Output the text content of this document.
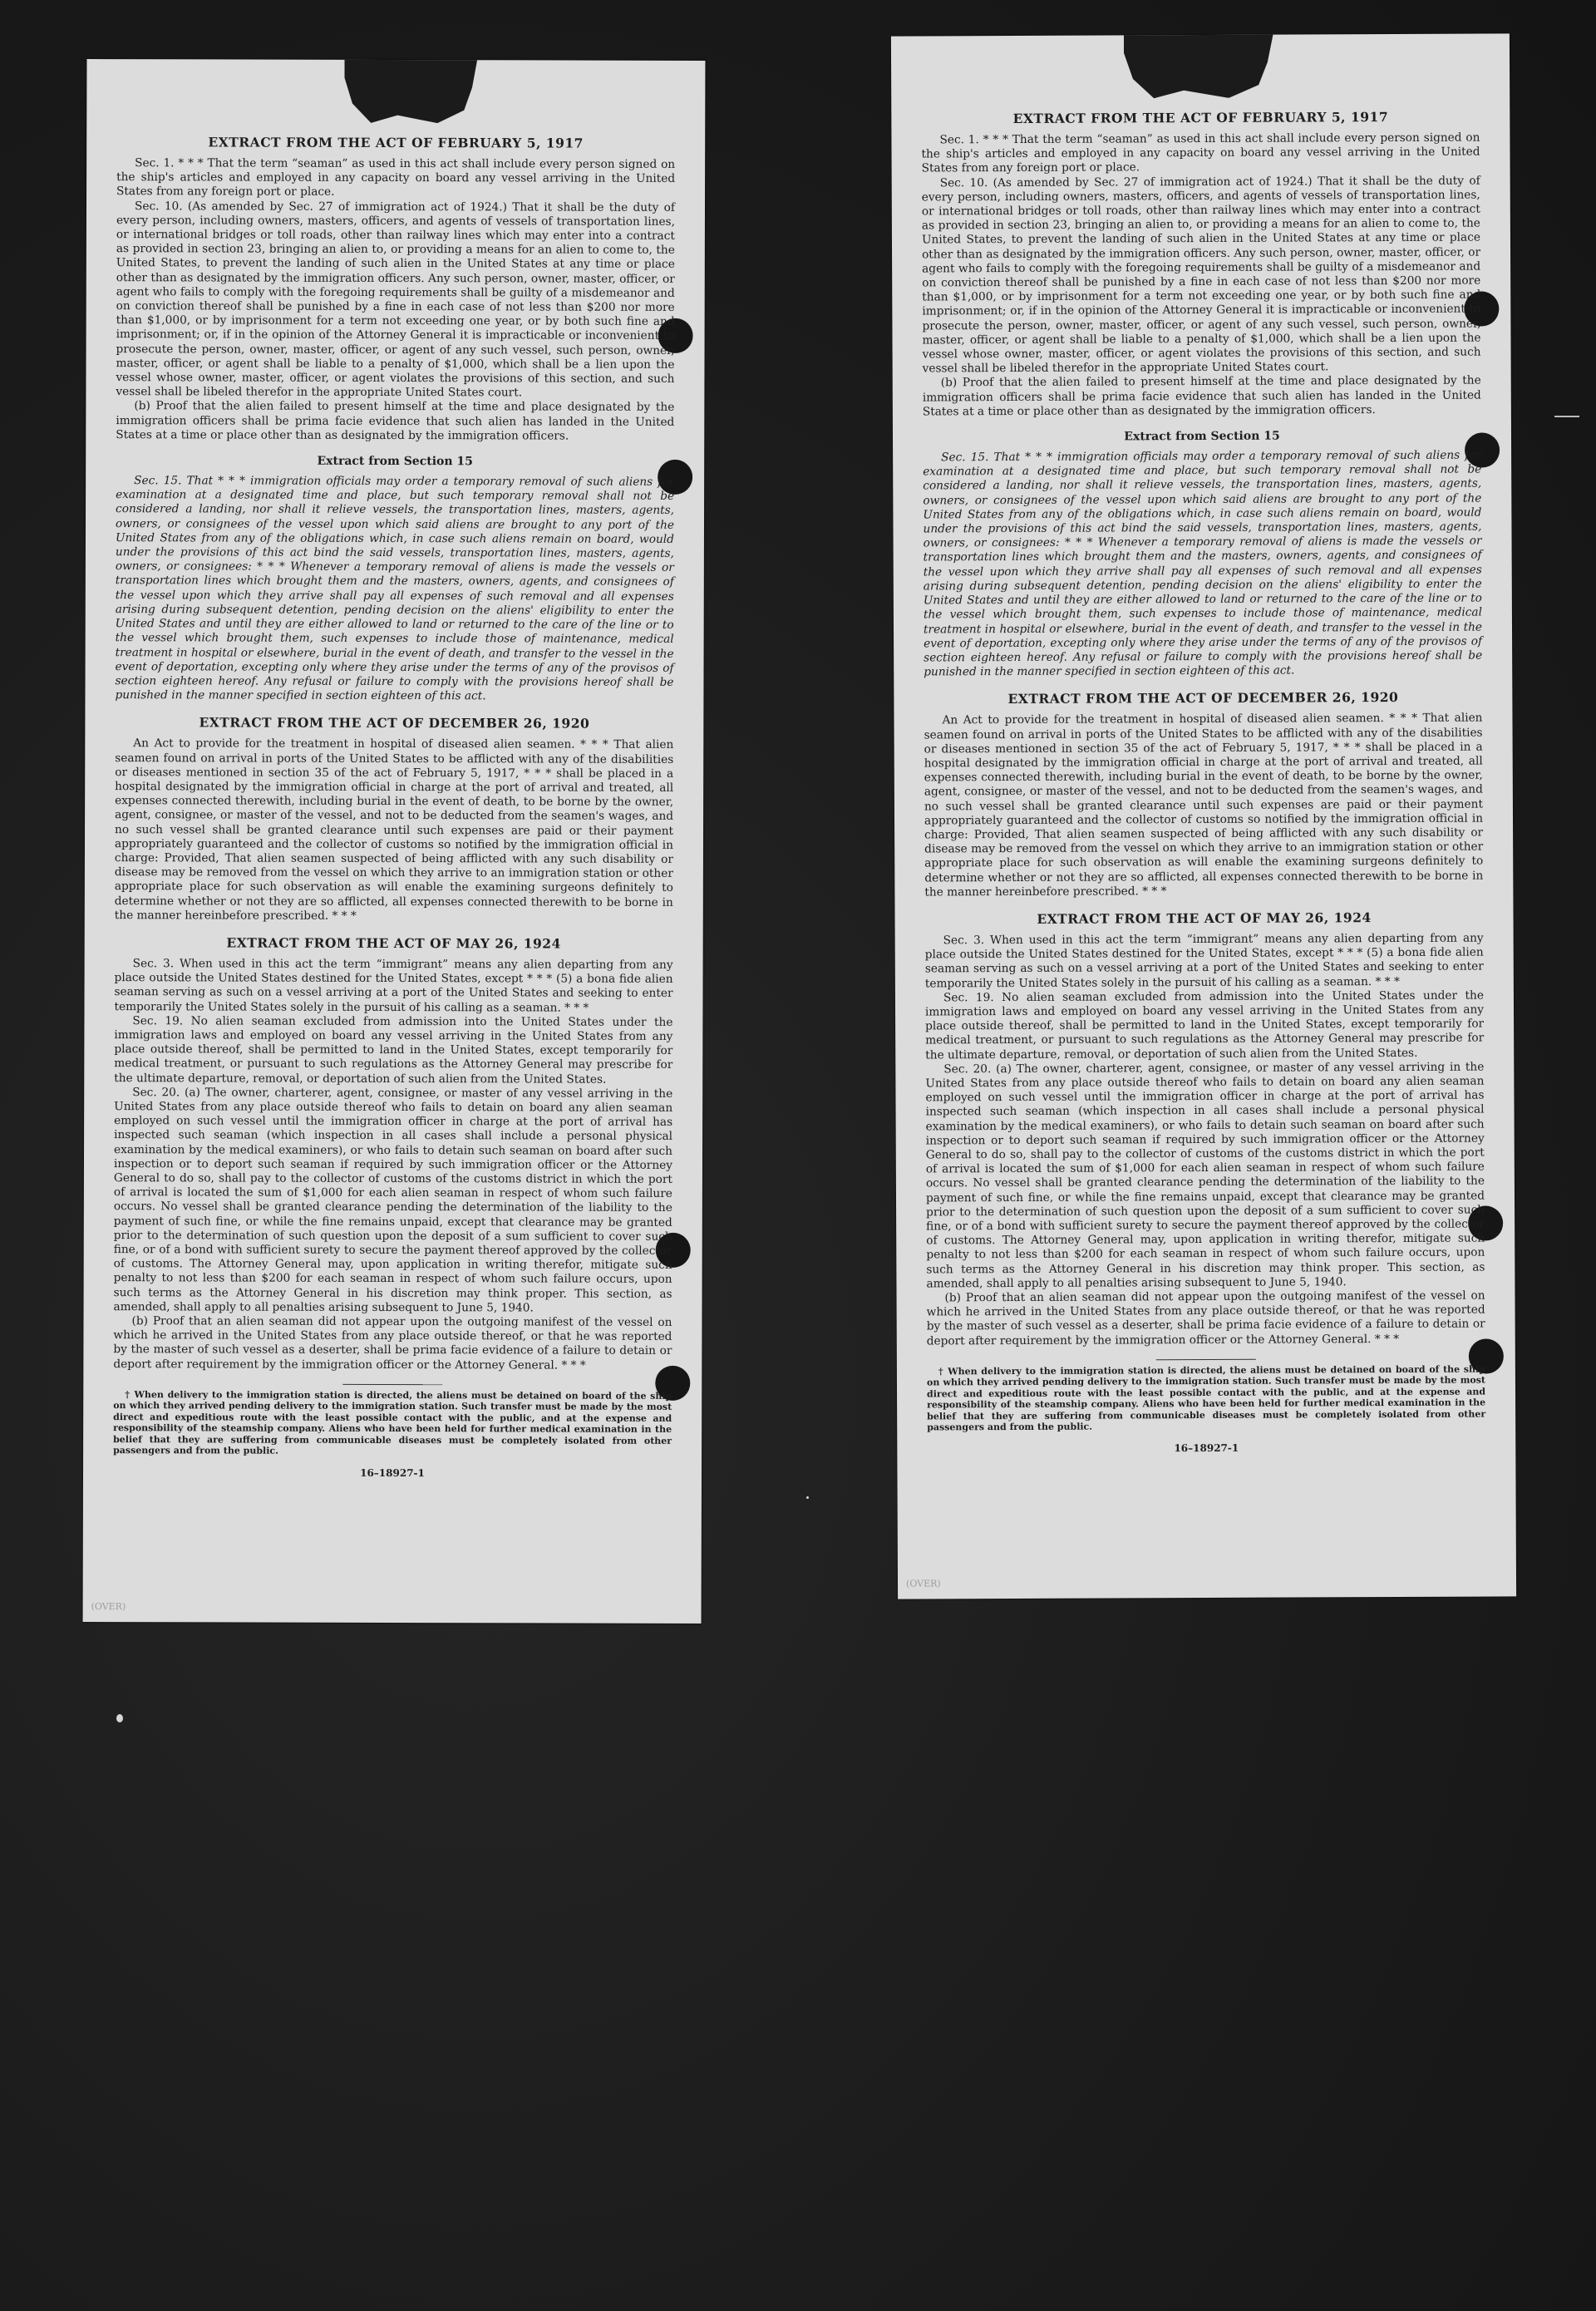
EXTRACT FROM THE ACT OF FEBRUARY 5, 1917

Sec. 1. * * * That the term “seaman” as used in this act shall include every person signed on the ship's articles and employed in any capacity on board any vessel arriving in the United States from any foreign port or place.

Sec. 10. (As amended by Sec. 27 of immigration act of 1924.) That it shall be the duty of every person, including owners, masters, officers, and agents of vessels of transportation lines, or international bridges or toll roads, other than railway lines which may enter into a contract as provided in section 23, bringing an alien to, or providing a means for an alien to come to, the United States, to prevent the landing of such alien in the United States at any time or place other than as designated by the immigration officers. Any such person, owner, master, officer, or agent who fails to comply with the foregoing requirements shall be guilty of a misdemeanor and on conviction thereof shall be punished by a fine in each case of not less than $200 nor more than $1,000, or by imprisonment for a term not exceeding one year, or by both such fine and imprisonment; or, if in the opinion of the Attorney General it is impracticable or inconvenient to prosecute the person, owner, master, officer, or agent of any such vessel, such person, owner, master, officer, or agent shall be liable to a penalty of $1,000, which shall be a lien upon the vessel whose owner, master, officer, or agent violates the provisions of this section, and such vessel shall be libeled therefor in the appropriate United States court.

(b) Proof that the alien failed to present himself at the time and place designated by the immigration officers shall be prima facie evidence that such alien has landed in the United States at a time or place other than as designated by the immigration officers.

Extract from Section 15

Sec. 15. That * * * immigration officials may order a temporary removal of such aliens for examination at a designated time and place, but such temporary removal shall not be considered a landing, nor shall it relieve vessels, the transportation lines, masters, agents, owners, or consignees of the vessel upon which said aliens are brought to any port of the United States from any of the obligations which, in case such aliens remain on board, would under the provisions of this act bind the said vessels, transportation lines, masters, agents, owners, or consignees: * * * Whenever a temporary removal of aliens is made the vessels or transportation lines which brought them and the masters, owners, agents, and consignees of the vessel upon which they arrive shall pay all expenses of such removal and all expenses arising during subsequent detention, pending decision on the aliens' eligibility to enter the United States and until they are either allowed to land or returned to the care of the line or to the vessel which brought them, such expenses to include those of maintenance, medical treatment in hospital or elsewhere, burial in the event of death, and transfer to the vessel in the event of deportation, excepting only where they arise under the terms of any of the provisos of section eighteen hereof. Any refusal or failure to comply with the provisions hereof shall be punished in the manner specified in section eighteen of this act.

EXTRACT FROM THE ACT OF DECEMBER 26, 1920

An Act to provide for the treatment in hospital of diseased alien seamen. * * * That alien seamen found on arrival in ports of the United States to be afflicted with any of the disabilities or diseases mentioned in section 35 of the act of February 5, 1917, * * * shall be placed in a hospital designated by the immigration official in charge at the port of arrival and treated, all expenses connected therewith, including burial in the event of death, to be borne by the owner, agent, consignee, or master of the vessel, and not to be deducted from the seamen's wages, and no such vessel shall be granted clearance until such expenses are paid or their payment appropriately guaranteed and the collector of customs so notified by the immigration official in charge: Provided, That alien seamen suspected of being afflicted with any such disability or disease may be removed from the vessel on which they arrive to an immigration station or other appropriate place for such observation as will enable the examining surgeons definitely to determine whether or not they are so afflicted, all expenses connected therewith to be borne in the manner hereinbefore prescribed. * * *

EXTRACT FROM THE ACT OF MAY 26, 1924

Sec. 3. When used in this act the term “immigrant” means any alien departing from any place outside the United States destined for the United States, except * * * (5) a bona fide alien seaman serving as such on a vessel arriving at a port of the United States and seeking to enter temporarily the United States solely in the pursuit of his calling as a seaman. * * *

Sec. 19. No alien seaman excluded from admission into the United States under the immigration laws and employed on board any vessel arriving in the United States from any place outside thereof, shall be permitted to land in the United States, except temporarily for medical treatment, or pursuant to such regulations as the Attorney General may prescribe for the ultimate departure, removal, or deportation of such alien from the United States.

Sec. 20. (a) The owner, charterer, agent, consignee, or master of any vessel arriving in the United States from any place outside thereof who fails to detain on board any alien seaman employed on such vessel until the immigration officer in charge at the port of arrival has inspected such seaman (which inspection in all cases shall include a personal physical examination by the medical examiners), or who fails to detain such seaman on board after such inspection or to deport such seaman if required by such immigration officer or the Attorney General to do so, shall pay to the collector of customs of the customs district in which the port of arrival is located the sum of $1,000 for each alien seaman in respect of whom such failure occurs. No vessel shall be granted clearance pending the determination of the liability to the payment of such fine, or while the fine remains unpaid, except that clearance may be granted prior to the determination of such question upon the deposit of a sum sufficient to cover such fine, or of a bond with sufficient surety to secure the payment thereof approved by the collector of customs. The Attorney General may, upon application in writing therefor, mitigate such penalty to not less than $200 for each seaman in respect of whom such failure occurs, upon such terms as the Attorney General in his discretion may think proper. This section, as amended, shall apply to all penalties arising subsequent to June 5, 1940.

(b) Proof that an alien seaman did not appear upon the outgoing manifest of the vessel on which he arrived in the United States from any place outside thereof, or that he was reported by the master of such vessel as a deserter, shall be prima facie evidence of a failure to detain or deport after requirement by the immigration officer or the Attorney General. * * *

† When delivery to the immigration station is directed, the aliens must be detained on board of the ship on which they arrived pending delivery to the immigration station. Such transfer must be made by the most direct and expeditious route with the least possible contact with the public, and at the expense and responsibility of the steamship company. Aliens who have been held for further medical examination in the belief that they are suffering from communicable diseases must be completely isolated from other passengers and from the public.

16–18927-1
(OVER)
EXTRACT FROM THE ACT OF FEBRUARY 5, 1917

Sec. 1. * * * That the term “seaman” as used in this act shall include every person signed on the ship's articles and employed in any capacity on board any vessel arriving in the United States from any foreign port or place.

Sec. 10. (As amended by Sec. 27 of immigration act of 1924.) That it shall be the duty of every person, including owners, masters, officers, and agents of vessels of transportation lines, or international bridges or toll roads, other than railway lines which may enter into a contract as provided in section 23, bringing an alien to, or providing a means for an alien to come to, the United States, to prevent the landing of such alien in the United States at any time or place other than as designated by the immigration officers. Any such person, owner, master, officer, or agent who fails to comply with the foregoing requirements shall be guilty of a misdemeanor and on conviction thereof shall be punished by a fine in each case of not less than $200 nor more than $1,000, or by imprisonment for a term not exceeding one year, or by both such fine and imprisonment; or, if in the opinion of the Attorney General it is impracticable or inconvenient to prosecute the person, owner, master, officer, or agent of any such vessel, such person, owner, master, officer, or agent shall be liable to a penalty of $1,000, which shall be a lien upon the vessel whose owner, master, officer, or agent violates the provisions of this section, and such vessel shall be libeled therefor in the appropriate United States court.

(b) Proof that the alien failed to present himself at the time and place designated by the immigration officers shall be prima facie evidence that such alien has landed in the United States at a time or place other than as designated by the immigration officers.

Extract from Section 15

Sec. 15. That * * * immigration officials may order a temporary removal of such aliens for examination at a designated time and place, but such temporary removal shall not be considered a landing, nor shall it relieve vessels, the transportation lines, masters, agents, owners, or consignees of the vessel upon which said aliens are brought to any port of the United States from any of the obligations which, in case such aliens remain on board, would under the provisions of this act bind the said vessels, transportation lines, masters, agents, owners, or consignees: * * * Whenever a temporary removal of aliens is made the vessels or transportation lines which brought them and the masters, owners, agents, and consignees of the vessel upon which they arrive shall pay all expenses of such removal and all expenses arising during subsequent detention, pending decision on the aliens' eligibility to enter the United States and until they are either allowed to land or returned to the care of the line or to the vessel which brought them, such expenses to include those of maintenance, medical treatment in hospital or elsewhere, burial in the event of death, and transfer to the vessel in the event of deportation, excepting only where they arise under the terms of any of the provisos of section eighteen hereof. Any refusal or failure to comply with the provisions hereof shall be punished in the manner specified in section eighteen of this act.

EXTRACT FROM THE ACT OF DECEMBER 26, 1920

An Act to provide for the treatment in hospital of diseased alien seamen. * * * That alien seamen found on arrival in ports of the United States to be afflicted with any of the disabilities or diseases mentioned in section 35 of the act of February 5, 1917, * * * shall be placed in a hospital designated by the immigration official in charge at the port of arrival and treated, all expenses connected therewith, including burial in the event of death, to be borne by the owner, agent, consignee, or master of the vessel, and not to be deducted from the seamen's wages, and no such vessel shall be granted clearance until such expenses are paid or their payment appropriately guaranteed and the collector of customs so notified by the immigration official in charge: Provided, That alien seamen suspected of being afflicted with any such disability or disease may be removed from the vessel on which they arrive to an immigration station or other appropriate place for such observation as will enable the examining surgeons definitely to determine whether or not they are so afflicted, all expenses connected therewith to be borne in the manner hereinbefore prescribed. * * *

EXTRACT FROM THE ACT OF MAY 26, 1924

Sec. 3. When used in this act the term “immigrant” means any alien departing from any place outside the United States destined for the United States, except * * * (5) a bona fide alien seaman serving as such on a vessel arriving at a port of the United States and seeking to enter temporarily the United States solely in the pursuit of his calling as a seaman. * * *

Sec. 19. No alien seaman excluded from admission into the United States under the immigration laws and employed on board any vessel arriving in the United States from any place outside thereof, shall be permitted to land in the United States, except temporarily for medical treatment, or pursuant to such regulations as the Attorney General may prescribe for the ultimate departure, removal, or deportation of such alien from the United States.

Sec. 20. (a) The owner, charterer, agent, consignee, or master of any vessel arriving in the United States from any place outside thereof who fails to detain on board any alien seaman employed on such vessel until the immigration officer in charge at the port of arrival has inspected such seaman (which inspection in all cases shall include a personal physical examination by the medical examiners), or who fails to detain such seaman on board after such inspection or to deport such seaman if required by such immigration officer or the Attorney General to do so, shall pay to the collector of customs of the customs district in which the port of arrival is located the sum of $1,000 for each alien seaman in respect of whom such failure occurs. No vessel shall be granted clearance pending the determination of the liability to the payment of such fine, or while the fine remains unpaid, except that clearance may be granted prior to the determination of such question upon the deposit of a sum sufficient to cover such fine, or of a bond with sufficient surety to secure the payment thereof approved by the collector of customs. The Attorney General may, upon application in writing therefor, mitigate such penalty to not less than $200 for each seaman in respect of whom such failure occurs, upon such terms as the Attorney General in his discretion may think proper. This section, as amended, shall apply to all penalties arising subsequent to June 5, 1940.

(b) Proof that an alien seaman did not appear upon the outgoing manifest of the vessel on which he arrived in the United States from any place outside thereof, or that he was reported by the master of such vessel as a deserter, shall be prima facie evidence of a failure to detain or deport after requirement by the immigration officer or the Attorney General. * * *

† When delivery to the immigration station is directed, the aliens must be detained on board of the ship on which they arrived pending delivery to the immigration station. Such transfer must be made by the most direct and expeditious route with the least possible contact with the public, and at the expense and responsibility of the steamship company. Aliens who have been held for further medical examination in the belief that they are suffering from communicable diseases must be completely isolated from other passengers and from the public.

16–18927-1
(OVER)
